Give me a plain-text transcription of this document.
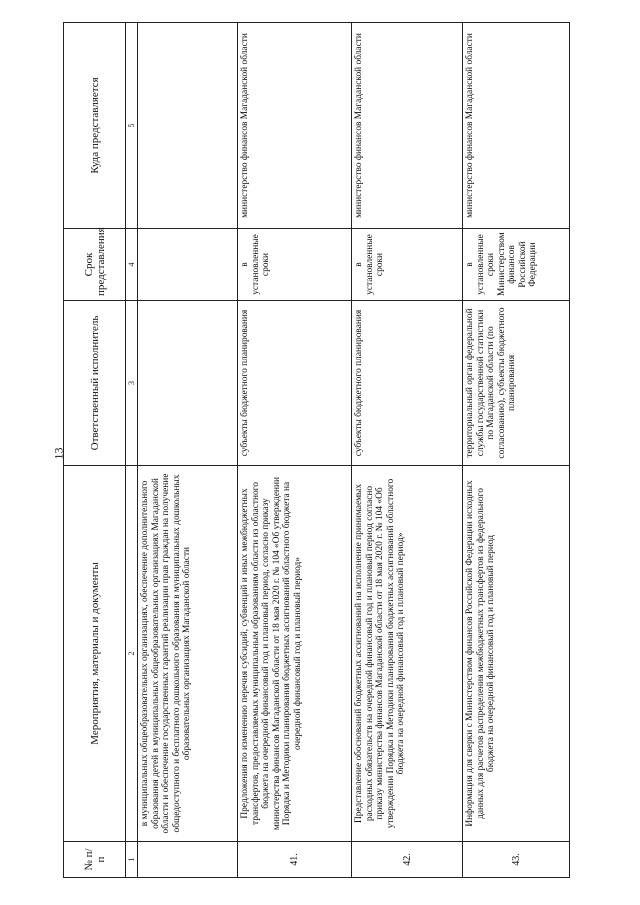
13
№ п/п	Мероприятия, материалы и документы	Ответственный исполнитель	Срок представления	Куда представляется
1	2	3	4	5

	в муниципальных общеобразовательных организациях, обеспечение дополнительного образования детей в муниципальных общеобразовательных организациях Магаданской области и обеспечение государственных гарантий реализации прав граждан на получение общедоступного и бесплатного дошкольного образования в муниципальных дошкольных образовательных организациях Магаданской области			

41.	Предложения по изменению перечня субсидий, субвенций и иных межбюджетных трансфертов, предоставляемых муниципальным образованиям области из областного бюджета на очередной финансовый год и плановый период, согласно приказу министерства финансов Магаданской области от 18 мая 2020 г. № 104 «Об утверждении Порядка и Методики планирования бюджетных ассигнований областного бюджета на очередной финансовый год и плановый период»	субъекты бюджетного планирования	в установленные сроки	министерство финансов Магаданской области

42.	Представление обоснований бюджетных ассигнований на исполнение принимаемых расходных обязательств на очередной финансовый год и плановый период согласно приказу министерства финансов Магаданской области от 18 мая 2020 г. № 104 «Об утверждении Порядка и Методики планирования бюджетных ассигнований областного бюджета на очередной финансовый год и плановый период»	субъекты бюджетного планирования	в установленные сроки	министерство финансов Магаданской области

43.	Информация для сверки с Министерством финансов Российской Федерации исходных данных для расчетов распределения межбюджетных трансфертов из федерального бюджета на очередной финансовый год и плановый период	территориальный орган федеральной службы государственной статистики по Магаданской области (по согласованию), субъекты бюджетного планирования	в установленные сроки Министерством финансов Российской Федерации	министерство финансов Магаданской области
